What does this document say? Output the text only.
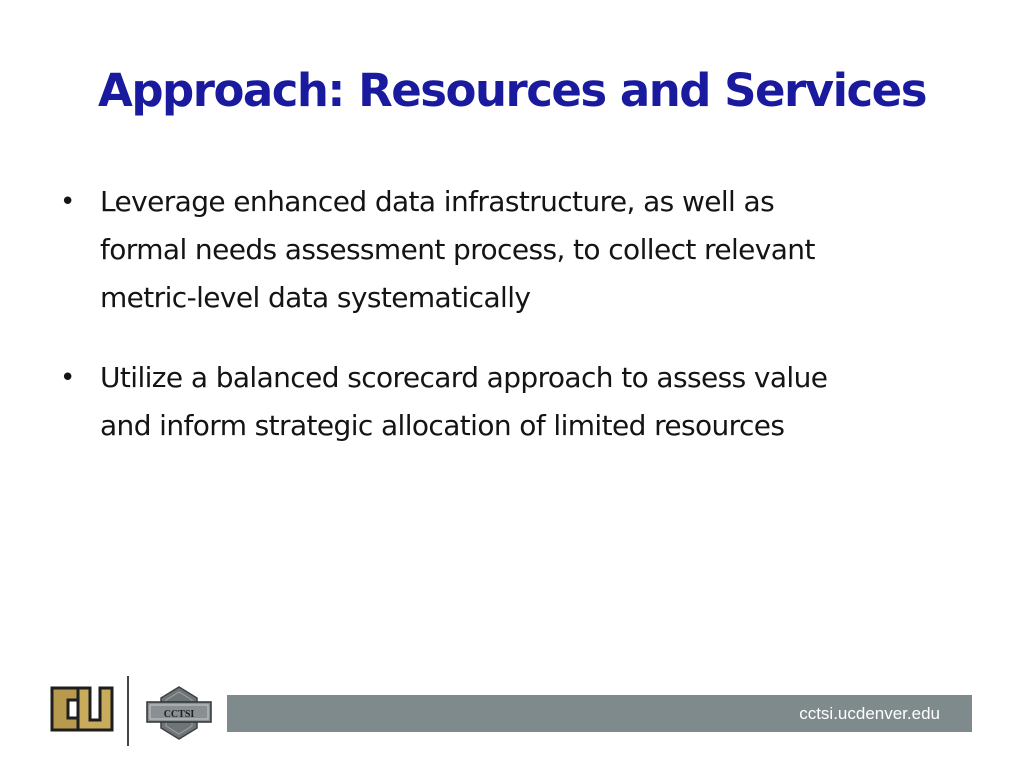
Approach: Resources and Services
• Leverage enhanced data infrastructure, as well as
formal needs assessment process, to collect relevant
metric-level data systematically
• Utilize a balanced scorecard approach to assess value
and inform strategic allocation of limited resources
CCTSI	cctsi.ucdenver.edu
